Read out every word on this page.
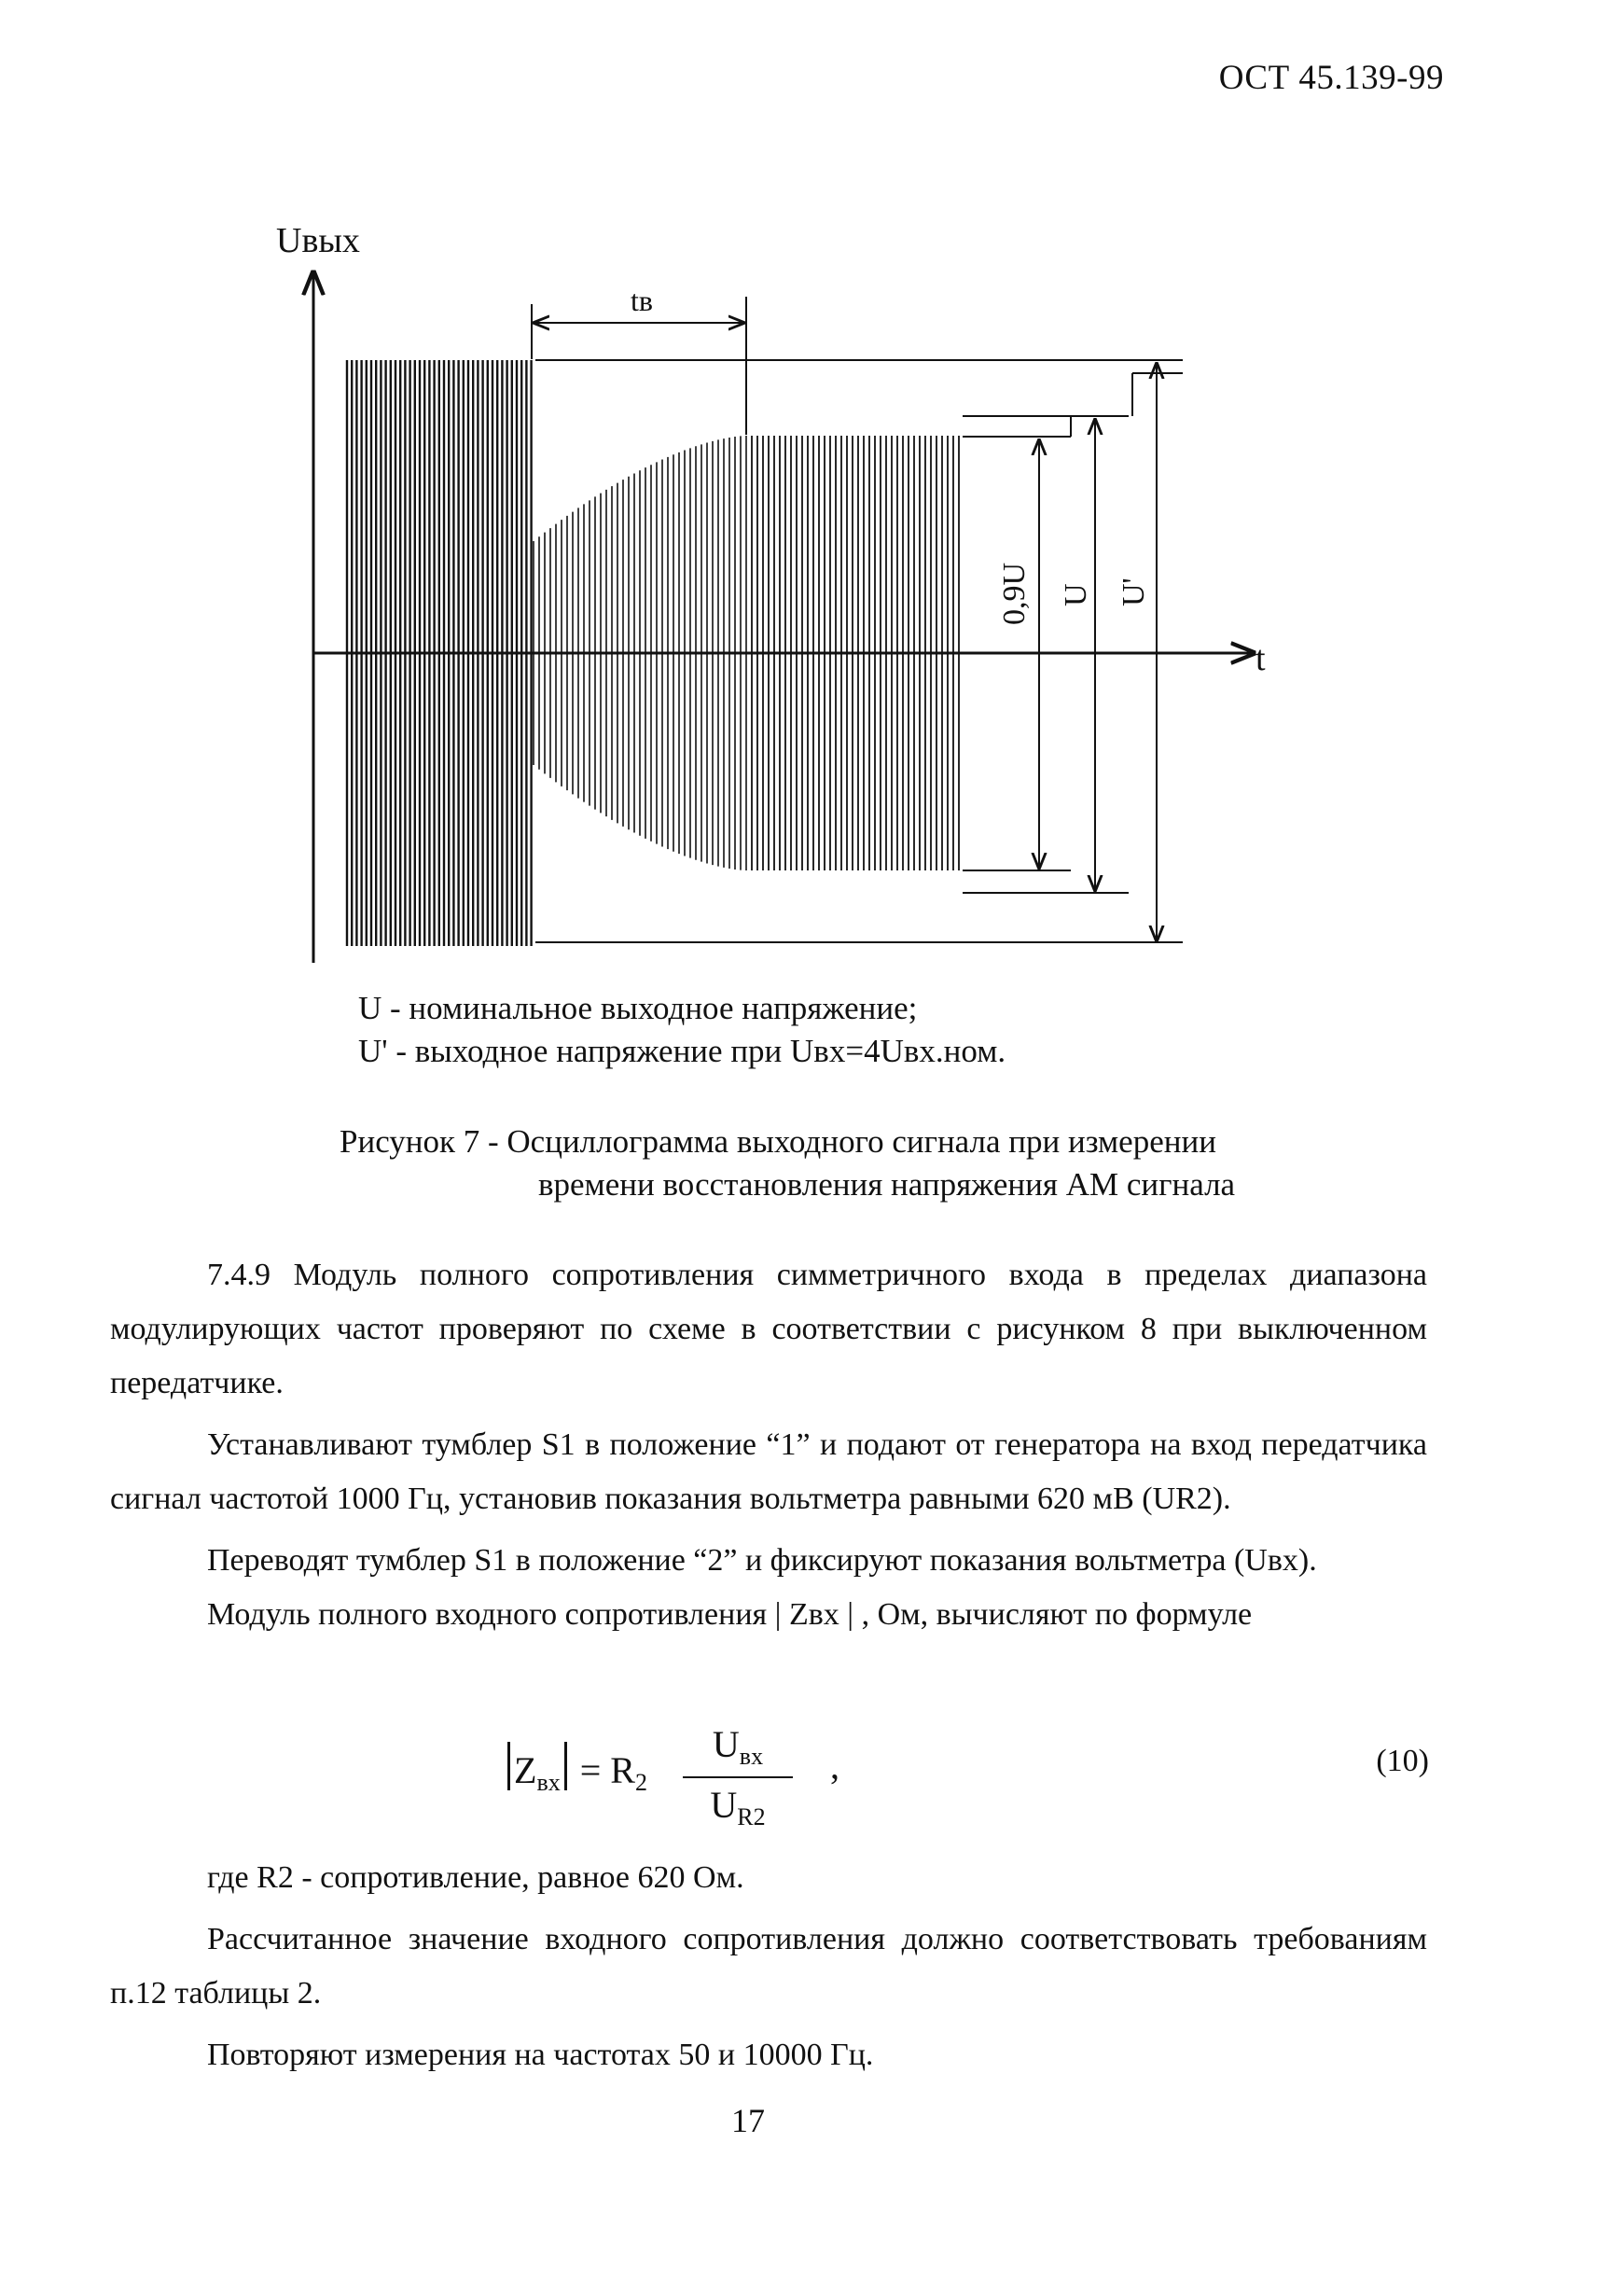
ОСТ 45.139-99
Uвых
t
tв
0,9U U U'
U - номинальное выходное напряжение;
U' - выходное напряжение при Uвх=4Uвх.ном.
Рисунок 7 - Осциллограмма выходного сигнала при измерении
времени восстановления напряжения АМ сигнала

7.4.9 Модуль полного сопротивления симметричного входа в пределах диапазона модулирующих частот проверяют по схеме в соответствии с рисунком 8 при выключенном передатчике.

Устанавливают тумблер S1 в положение “1” и подают от генератора на вход передатчика сигнал частотой 1000 Гц, установив показания вольтметра равными 620 мВ (UR2).

Переводят тумблер S1 в положение “2” и фиксируют показания вольтметра (Uвх).

Модуль полного входного сопротивления | Zвх | , Ом, вычисляют по формуле

$Z_{вх} = R_2$
$U_{вх}$
$U_{R2}$
,	(10)

где R2 - сопротивление, равное 620 Ом.

Рассчитанное значение входного сопротивления должно соответствовать требованиям п.12 таблицы 2.

Повторяют измерения на частотах 50 и 10000 Гц.

17
